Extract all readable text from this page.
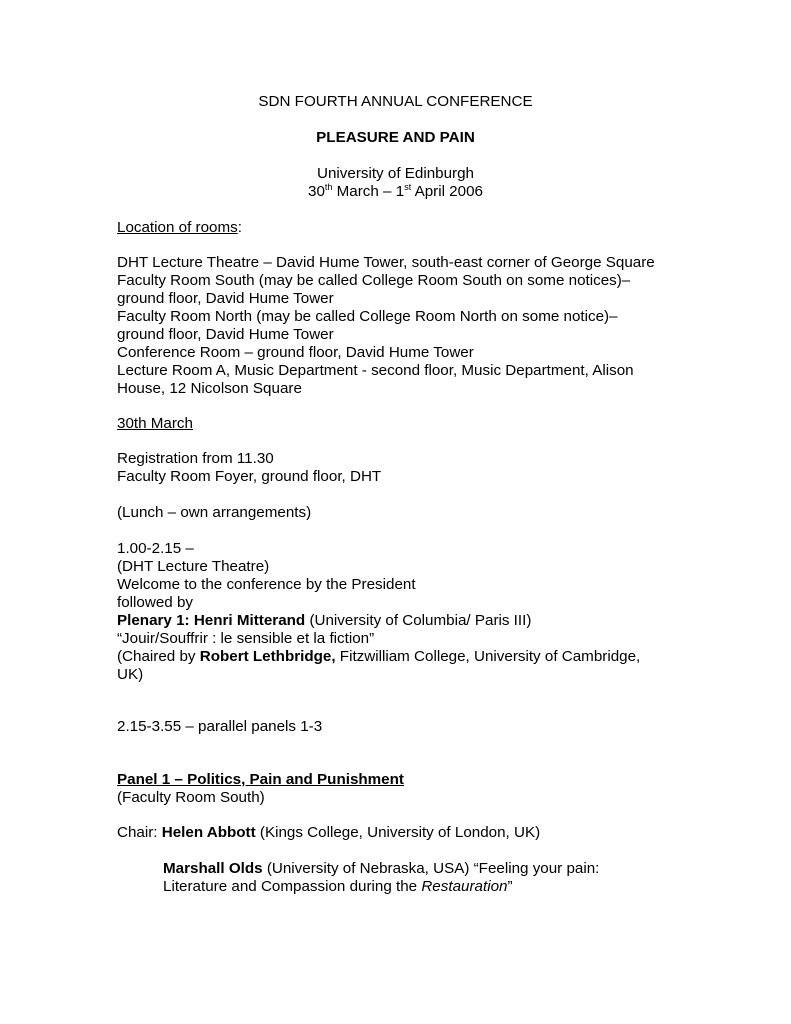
SDN FOURTH ANNUAL CONFERENCE
PLEASURE AND PAIN
University of Edinburgh
30th March – 1st April 2006
Location of rooms:
DHT Lecture Theatre – David Hume Tower, south-east corner of George Square
Faculty Room South (may be called College Room South on some notices)–
ground floor, David Hume Tower
Faculty Room North (may be called College Room North on some notice)–
ground floor, David Hume Tower
Conference Room – ground floor, David Hume Tower
Lecture Room A, Music Department - second floor, Music Department, Alison
House, 12 Nicolson Square
30th March
Registration from 11.30
Faculty Room Foyer, ground floor, DHT
(Lunch – own arrangements)
1.00-2.15 –
(DHT Lecture Theatre)
Welcome to the conference by the President
followed by
Plenary 1: Henri Mitterand (University of Columbia/ Paris III)
“Jouir/Souffrir : le sensible et la fiction”
(Chaired by Robert Lethbridge, Fitzwilliam College, University of Cambridge,
UK)
2.15-3.55 – parallel panels 1-3
Panel 1 – Politics, Pain and Punishment
(Faculty Room South)
Chair: Helen Abbott (Kings College, University of London, UK)
Marshall Olds (University of Nebraska, USA) “Feeling your pain:
Literature and Compassion during the Restauration”
